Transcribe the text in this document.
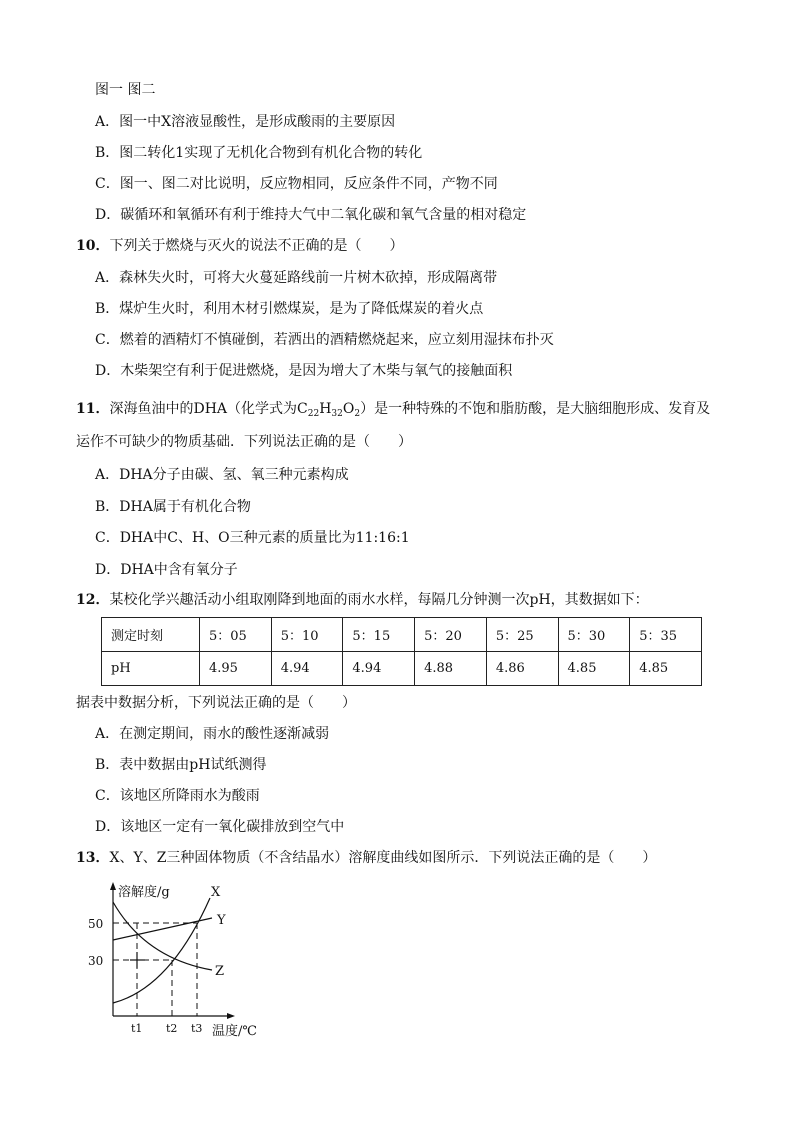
图一 图二
A．图一中X溶液显酸性，是形成酸雨的主要原因
B．图二转化1实现了无机化合物到有机化合物的转化
C．图一、图二对比说明，反应物相同，反应条件不同，产物不同
D．碳循环和氧循环有利于维持大气中二氧化碳和氧气含量的相对稳定
10．下列关于燃烧与灭火的说法不正确的是（　　）
A．森林失火时，可将大火蔓延路线前一片树木砍掉，形成隔离带
B．煤炉生火时，利用木材引燃煤炭，是为了降低煤炭的着火点
C．燃着的酒精灯不慎碰倒，若洒出的酒精燃烧起来，应立刻用湿抹布扑灭
D．木柴架空有利于促进燃烧，是因为增大了木柴与氧气的接触面积
11．深海鱼油中的DHA（化学式为$C_{22}H_{32}O_2$）是一种特殊的不饱和脂肪酸，是大脑细胞形成、发育及
运作不可缺少的物质基础．下列说法正确的是（　　）
A．DHA分子由碳、氢、氧三种元素构成
B．DHA属于有机化合物
C．DHA中C、H、O三种元素的质量比为11:16:1
D．DHA中含有氧分子
12．某校化学兴趣活动小组取刚降到地面的雨水水样，每隔几分钟测一次pH，其数据如下：
测定时刻	5：05	5：10	5：15	5：20	5：25	5：30	5：35
pH	4.95	4.94	4.94	4.88	4.86	4.85	4.85
据表中数据分析，下列说法正确的是（　　）
A．在测定期间，雨水的酸性逐渐减弱
B．表中数据由pH试纸测得
C．该地区所降雨水为酸雨
D．该地区一定有一氧化碳排放到空气中
13．X、Y、Z三种固体物质（不含结晶水）溶解度曲线如图所示．下列说法正确的是（　　）
溶解度/g
温度/℃
50
30
t1 t2 t3
X
Y
Z
